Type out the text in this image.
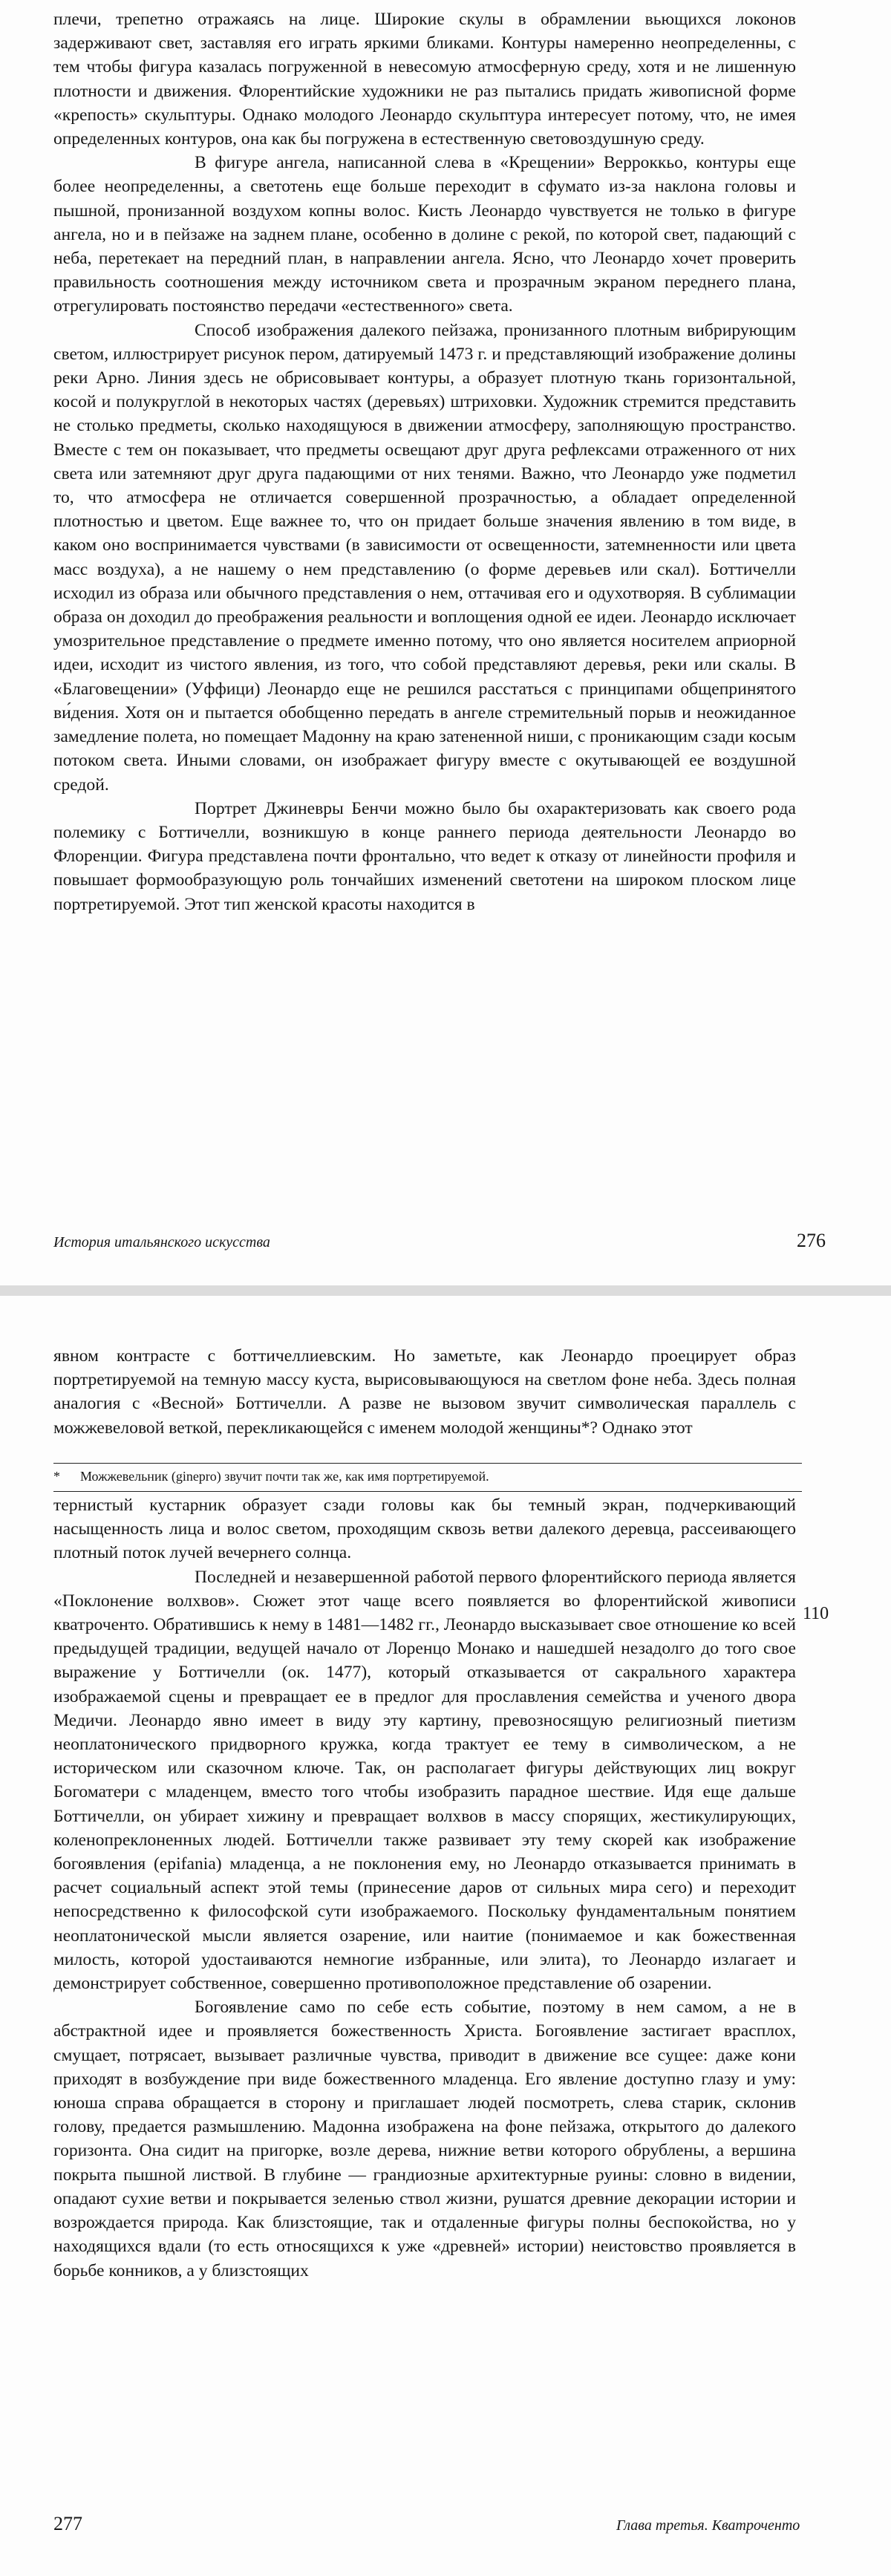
плечи, трепетно отражаясь на лице. Широкие скулы в обрамлении вьющихся локонов задерживают свет, заставляя его играть яркими бликами. Контуры намеренно неопределенны, с тем чтобы фигура казалась погруженной в невесомую атмосферную среду, хотя и не лишенную плотности и движения. Флорентийские художники не раз пытались придать живописной форме «крепость» скульптуры. Однако молодого Леонардо скульптура интересует потому, что, не имея определенных контуров, она как бы погружена в естественную световоздушную среду.

В фигуре ангела, написанной слева в «Крещении» Верроккьо, контуры еще более неопределенны, а светотень еще больше переходит в сфумато из-за наклона головы и пышной, пронизанной воздухом копны волос. Кисть Леонардо чувствуется не только в фигуре ангела, но и в пейзаже на заднем плане, особенно в долине с рекой, по которой свет, падающий с неба, перетекает на передний план, в направлении ангела. Ясно, что Леонардо хочет проверить правильность соотношения между источником света и прозрачным экраном переднего плана, отрегулировать постоянство передачи «естественного» света.

Способ изображения далекого пейзажа, пронизанного плотным вибрирующим светом, иллюстрирует рисунок пером, датируемый 1473 г. и представляющий изображение долины реки Арно. Линия здесь не обрисовывает контуры, а образует плотную ткань горизонтальной, косой и полукруглой в некоторых частях (деревьях) штриховки. Художник стремится представить не столько предметы, сколько находящуюся в движении атмосферу, заполняющую пространство. Вместе с тем он показывает, что предметы освещают друг друга рефлексами отраженного от них света или затемняют друг друга падающими от них тенями. Важно, что Леонардо уже подметил то, что атмосфера не отличается совершенной прозрачностью, а обладает определенной плотностью и цветом. Еще важнее то, что он придает больше значения явлению в том виде, в каком оно воспринимается чувствами (в зависимости от освещенности, затемненности или цвета масс воздуха), а не нашему о нем представлению (о форме деревьев или скал). Боттичелли исходил из образа или обычного представления о нем, оттачивая его и одухотворяя. В сублимации образа он доходил до преображения реальности и воплощения одной ее идеи. Леонардо исключает умозрительное представление о предмете именно потому, что оно является носителем априорной идеи, исходит из чистого явления, из того, что собой представляют деревья, реки или скалы. В «Благовещении» (Уффици) Леонардо еще не решился расстаться с принципами общепринятого ви́дения. Хотя он и пытается обобщенно передать в ангеле стремительный порыв и неожиданное замедление полета, но помещает Мадонну на краю затененной ниши, с проникающим сзади косым потоком света. Иными словами, он изображает фигуру вместе с окутывающей ее воздушной средой.

Портрет Джиневры Бенчи можно было бы охарактеризовать как своего рода полемику с Боттичелли, возникшую в конце раннего периода деятельности Леонардо во Флоренции. Фигура представлена почти фронтально, что ведет к отказу от линейности профиля и повышает формообразующую роль тончайших изменений светотени на широком плоском лице портретируемой. Этот тип женской красоты находится в

История итальянского искусства	276

явном контрасте с боттичеллиевским. Но заметьте, как Леонардо проецирует образ портретируемой на темную массу куста, вырисовывающуюся на светлом фоне неба. Здесь полная аналогия с «Весной» Боттичелли. А разве не вызовом звучит символическая параллель с можжевеловой веткой, перекликающейся с именем молодой женщины*? Однако этот

* Можжевельник (ginepro) звучит почти так же, как имя портретируемой.

тернистый кустарник образует сзади головы как бы темный экран, подчеркивающий насыщенность лица и волос светом, проходящим сквозь ветви далекого деревца, рассеивающего плотный поток лучей вечернего солнца.

Последней и незавершенной работой первого флорентийского периода является «Поклонение волхвов». Сюжет этот чаще всего появляется во флорентийской живописи кватроченто. Обратившись к нему в 1481—1482 гг., Леонардо высказывает свое отношение ко всей предыдущей традиции, ведущей начало от Лоренцо Монако и нашедшей незадолго до того свое выражение у Боттичелли (ок. 1477), который отказывается от сакрального характера изображаемой сцены и превращает ее в предлог для прославления семейства и ученого двора Медичи. Леонардо явно имеет в виду эту картину, превозносящую религиозный пиетизм неоплатонического придворного кружка, когда трактует ее тему в символическом, а не историческом или сказочном ключе. Так, он располагает фигуры действующих лиц вокруг Богоматери с младенцем, вместо того чтобы изобразить парадное шествие. Идя еще дальше Боттичелли, он убирает хижину и превращает волхвов в массу спорящих, жестикулирующих, коленопреклоненных людей. Боттичелли также развивает эту тему скорей как изображение богоявления (epifania) младенца, а не поклонения ему, но Леонардо отказывается принимать в расчет социальный аспект этой темы (принесение даров от сильных мира сего) и переходит непосредственно к философской сути изображаемого. Поскольку фундаментальным понятием неоплатонической мысли является озарение, или наитие (понимаемое и как божественная милость, которой удостаиваются немногие избранные, или элита), то Леонардо излагает и демонстрирует собственное, совершенно противоположное представление об озарении.

Богоявление само по себе есть событие, поэтому в нем самом, а не в абстрактной идее и проявляется божественность Христа. Богоявление застигает врасплох, смущает, потрясает, вызывает различные чувства, приводит в движение все сущее: даже кони приходят в возбуждение при виде божественного младенца. Его явление доступно глазу и уму: юноша справа обращается в сторону и приглашает людей посмотреть, слева старик, склонив голову, предается размышлению. Мадонна изображена на фоне пейзажа, открытого до далекого горизонта. Она сидит на пригорке, возле дерева, нижние ветви которого обрублены, а вершина покрыта пышной листвой. В глубине — грандиозные архитектурные руины: словно в видении, опадают сухие ветви и покрывается зеленью ствол жизни, рушатся древние декорации истории и возрождается природа. Как близстоящие, так и отдаленные фигуры полны беспокойства, но у находящихся вдали (то есть относящихся к уже «древней» истории) неистовство проявляется в борьбе конников, а у близстоящих

110
277	Глава третья. Кватроченто
